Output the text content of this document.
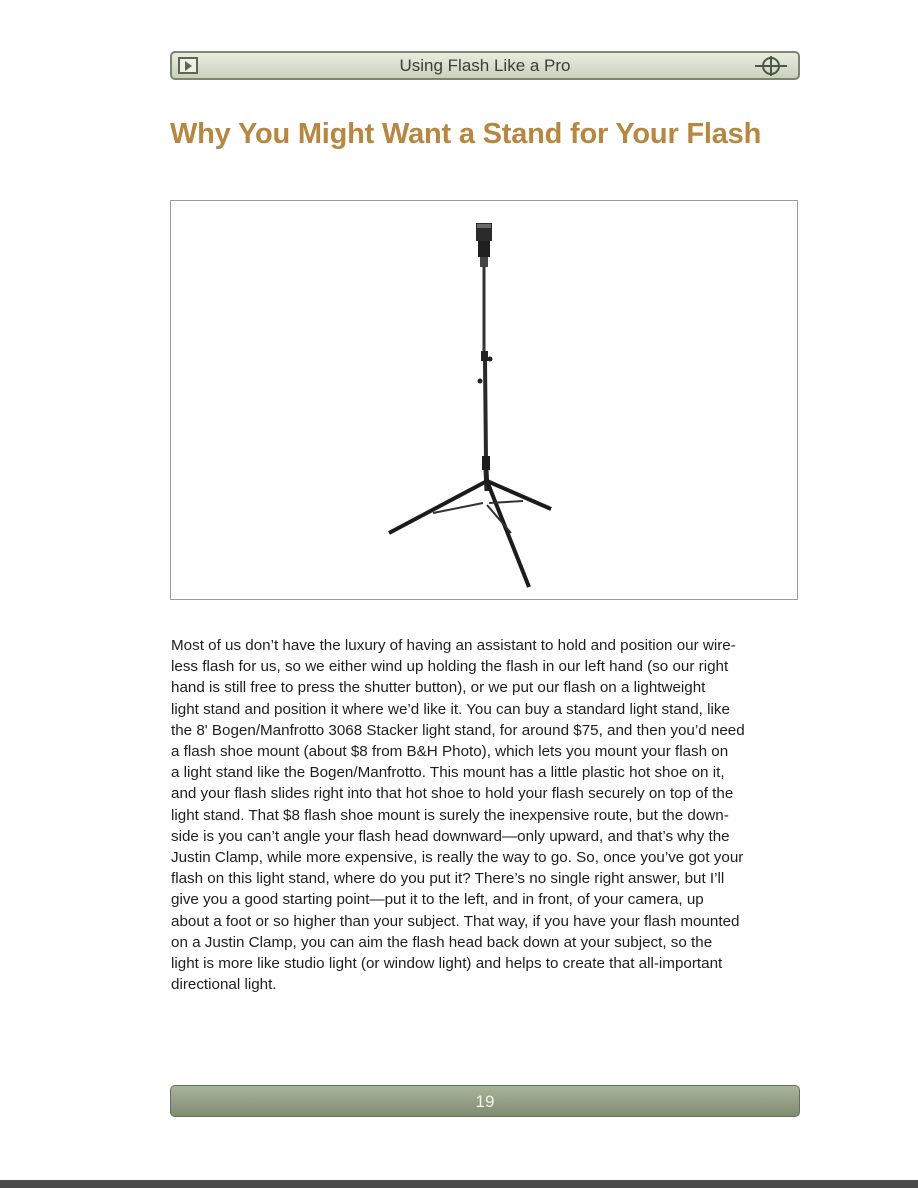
Using Flash Like a Pro
Why You Might Want a Stand for Your Flash
Most of us don’t have the luxury of having an assistant to hold and position our wire-
less flash for us, so we either wind up holding the flash in our left hand (so our right
hand is still free to press the shutter button), or we put our flash on a lightweight
light stand and position it where we’d like it. You can buy a standard light stand, like
the 8' Bogen/Manfrotto 3068 Stacker light stand, for around $75, and then you’d need
a flash shoe mount (about $8 from B&H Photo), which lets you mount your flash on
a light stand like the Bogen/Manfrotto. This mount has a little plastic hot shoe on it,
and your flash slides right into that hot shoe to hold your flash securely on top of the
light stand. That $8 flash shoe mount is surely the inexpensive route, but the down-
side is you can’t angle your flash head downward—only upward, and that’s why the
Justin Clamp, while more expensive, is really the way to go. So, once you’ve got your
flash on this light stand, where do you put it? There’s no single right answer, but I’ll
give you a good starting point—put it to the left, and in front, of your camera, up
about a foot or so higher than your subject. That way, if you have your flash mounted
on a Justin Clamp, you can aim the flash head back down at your subject, so the
light is more like studio light (or window light) and helps to create that all-important
directional light.
19
